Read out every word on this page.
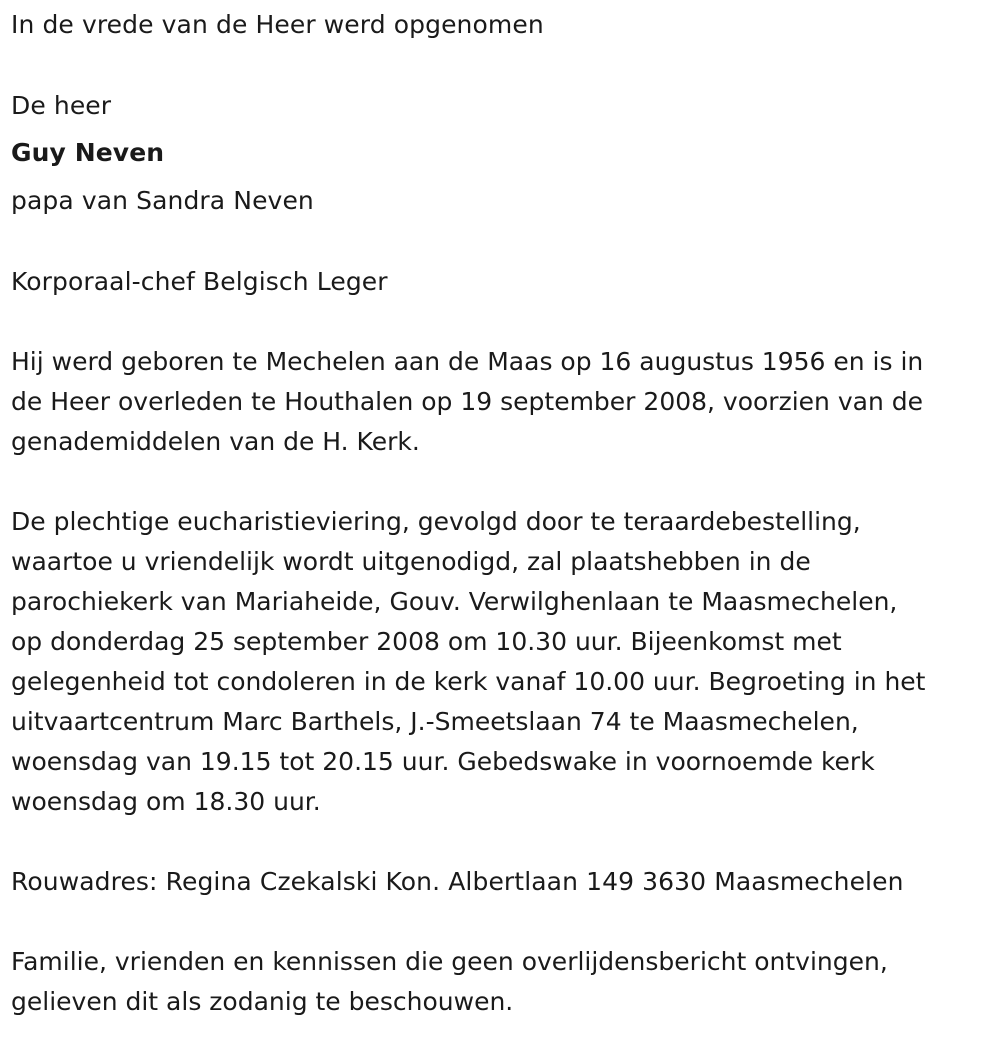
In de vrede van de Heer werd opgenomen

De heer

Guy Neven

papa van Sandra Neven

Korporaal-chef Belgisch Leger

Hij werd geboren te Mechelen aan de Maas op 16 augustus 1956 en is in
de Heer overleden te Houthalen op 19 september 2008, voorzien van de
genademiddelen van de H. Kerk.
De plechtige eucharistieviering, gevolgd door te teraardebestelling,
waartoe u vriendelijk wordt uitgenodigd, zal plaatshebben in de
parochiekerk van Mariaheide, Gouv. Verwilghenlaan te Maasmechelen,
op donderdag 25 september 2008 om 10.30 uur. Bijeenkomst met
gelegenheid tot condoleren in de kerk vanaf 10.00 uur. Begroeting in het
uitvaartcentrum Marc Barthels, J.-Smeetslaan 74 te Maasmechelen,
woensdag van 19.15 tot 20.15 uur. Gebedswake in voornoemde kerk
woensdag om 18.30 uur.

Rouwadres: Regina Czekalski Kon. Albertlaan 149 3630 Maasmechelen

Familie, vrienden en kennissen die geen overlijdensbericht ontvingen,
gelieven dit als zodanig te beschouwen.
